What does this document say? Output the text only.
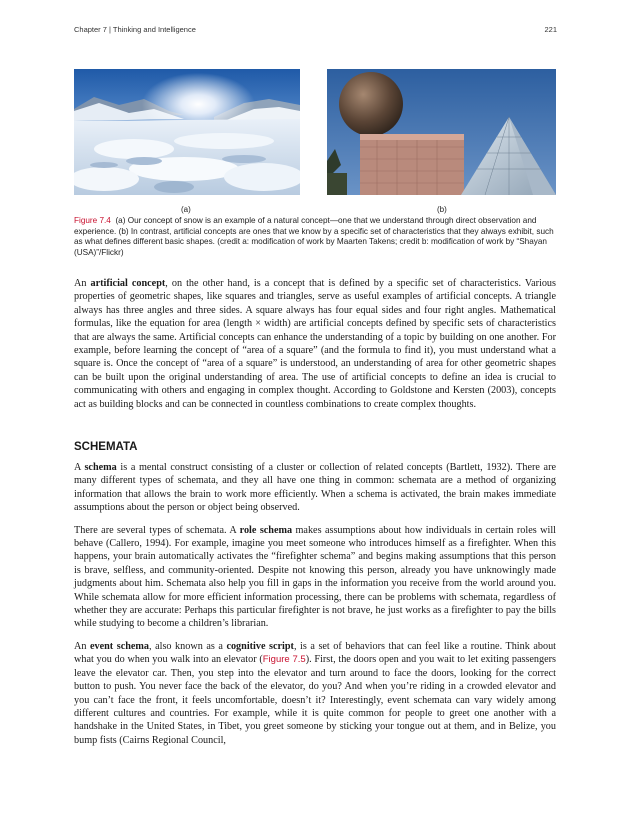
Chapter 7 | Thinking and Intelligence	221
(a)	(b)
Figure 7.4 (a) Our concept of snow is an example of a natural concept—one that we understand through direct observation and experience. (b) In contrast, artificial concepts are ones that we know by a specific set of characteristics that they always exhibit, such as what defines different basic shapes. (credit a: modification of work by Maarten Takens; credit b: modification of work by “Shayan (USA)”/Flickr)

An artificial concept, on the other hand, is a concept that is defined by a specific set of characteristics. Various properties of geometric shapes, like squares and triangles, serve as useful examples of artificial concepts. A triangle always has three angles and three sides. A square always has four equal sides and four right angles. Mathematical formulas, like the equation for area (length × width) are artificial concepts defined by specific sets of characteristics that are always the same. Artificial concepts can enhance the understanding of a topic by building on one another. For example, before learning the concept of “area of a square” (and the formula to find it), you must understand what a square is. Once the concept of “area of a square” is understood, an understanding of area for other geometric shapes can be built upon the original understanding of area. The use of artificial concepts to define an idea is crucial to communicating with others and engaging in complex thought. According to Goldstone and Kersten (2003), concepts act as building blocks and can be connected in countless combinations to create complex thoughts.

SCHEMATA

A schema is a mental construct consisting of a cluster or collection of related concepts (Bartlett, 1932). There are many different types of schemata, and they all have one thing in common: schemata are a method of organizing information that allows the brain to work more efficiently. When a schema is activated, the brain makes immediate assumptions about the person or object being observed.

There are several types of schemata. A role schema makes assumptions about how individuals in certain roles will behave (Callero, 1994). For example, imagine you meet someone who introduces himself as a firefighter. When this happens, your brain automatically activates the “firefighter schema” and begins making assumptions that this person is brave, selfless, and community-oriented. Despite not knowing this person, already you have unknowingly made judgments about him. Schemata also help you fill in gaps in the information you receive from the world around you. While schemata allow for more efficient information processing, there can be problems with schemata, regardless of whether they are accurate: Perhaps this particular firefighter is not brave, he just works as a firefighter to pay the bills while studying to become a children’s librarian.

An event schema, also known as a cognitive script, is a set of behaviors that can feel like a routine. Think about what you do when you walk into an elevator (Figure 7.5). First, the doors open and you wait to let exiting passengers leave the elevator car. Then, you step into the elevator and turn around to face the doors, looking for the correct button to push. You never face the back of the elevator, do you? And when you’re riding in a crowded elevator and you can’t face the front, it feels uncomfortable, doesn’t it? Interestingly, event schemata can vary widely among different cultures and countries. For example, while it is quite common for people to greet one another with a handshake in the United States, in Tibet, you greet someone by sticking your tongue out at them, and in Belize, you bump fists (Cairns Regional Council,
